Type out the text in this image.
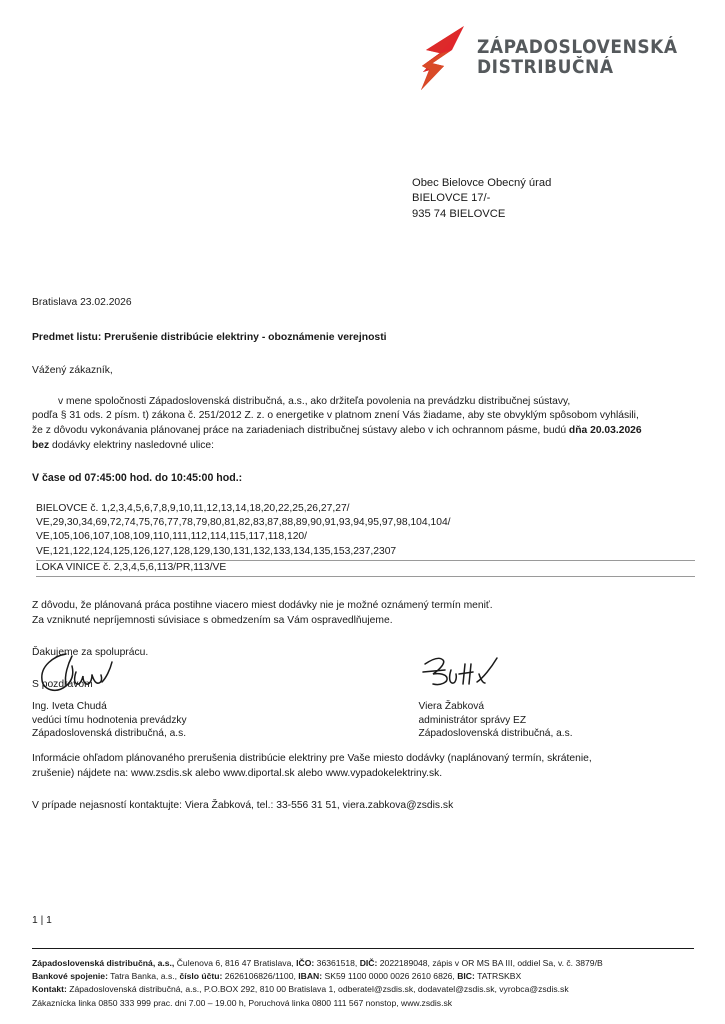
ZÁPADOSLOVENSKÁ
DISTRIBUČNÁ
Obec Bielovce Obecný úrad
BIELOVCE 17/-
935 74 BIELOVCE

Bratislava 23.02.2026

Predmet listu: Prerušenie distribúcie elektriny - oboznámenie verejnosti

Vážený zákazník,

v mene spoločnosti Západoslovenská distribučná, a.s., ako držiteľa povolenia na prevádzku distribučnej sústavy,
podľa § 31 ods. 2 písm. t) zákona č. 251/2012 Z. z. o energetike v platnom znení Vás žiadame, aby ste obvyklým spôsobom vyhlásili,
že z dôvodu vykonávania plánovanej práce na zariadeniach distribučnej sústavy alebo v ich ochrannom pásme, budú dňa 20.03.2026
bez dodávky elektriny nasledovné ulice:

V čase od 07:45:00 hod. do 10:45:00 hod.:

BIELOVCE č. 1,2,3,4,5,6,7,8,9,10,11,12,13,14,18,20,22,25,26,27,27/
VE,29,30,34,69,72,74,75,76,77,78,79,80,81,82,83,87,88,89,90,91,93,94,95,97,98,104,104/
VE,105,106,107,108,109,110,111,112,114,115,117,118,120/
VE,121,122,124,125,126,127,128,129,130,131,132,133,134,135,153,237,2307
LOKA VINICE č. 2,3,4,5,6,113/PR,113/VE
Z dôvodu, že plánovaná práca postihne viacero miest dodávky nie je možné oznámený termín meniť.
Za vzniknuté nepríjemnosti súvisiace s obmedzením sa Vám ospravedlňujeme.

Ďakujeme za spoluprácu.

S pozdravom

Ing. Iveta Chudá
vedúci tímu hodnotenia prevádzky
Západoslovenská distribučná, a.s.
Viera Žabková
administrátor správy EZ
Západoslovenská distribučná, a.s.
Informácie ohľadom plánovaného prerušenia distribúcie elektriny pre Vaše miesto dodávky (naplánovaný termín, skrátenie,
zrušenie) nájdete na: www.zsdis.sk alebo www.diportal.sk alebo www.vypadokelektriny.sk.
V prípade nejasností kontaktujte: Viera Žabková, tel.: 33-556 31 51, viera.zabkova@zsdis.sk
1 | 1
Západoslovenská distribučná, a.s., Čulenova 6, 816 47 Bratislava, IČO: 36361518, DIČ: 2022189048, zápis v OR MS BA III, oddiel Sa, v. č. 3879/B
Bankové spojenie: Tatra Banka, a.s., číslo účtu: 2626106826/1100, IBAN: SK59 1100 0000 0026 2610 6826, BIC: TATRSKBX
Kontakt: Západoslovenská distribučná, a.s., P.O.BOX 292, 810 00 Bratislava 1, odberatel@zsdis.sk, dodavatel@zsdis.sk, vyrobca@zsdis.sk
Zákaznícka linka 0850 333 999 prac. dni 7.00 – 19.00 h, Poruchová linka 0800 111 567 nonstop, www.zsdis.sk
